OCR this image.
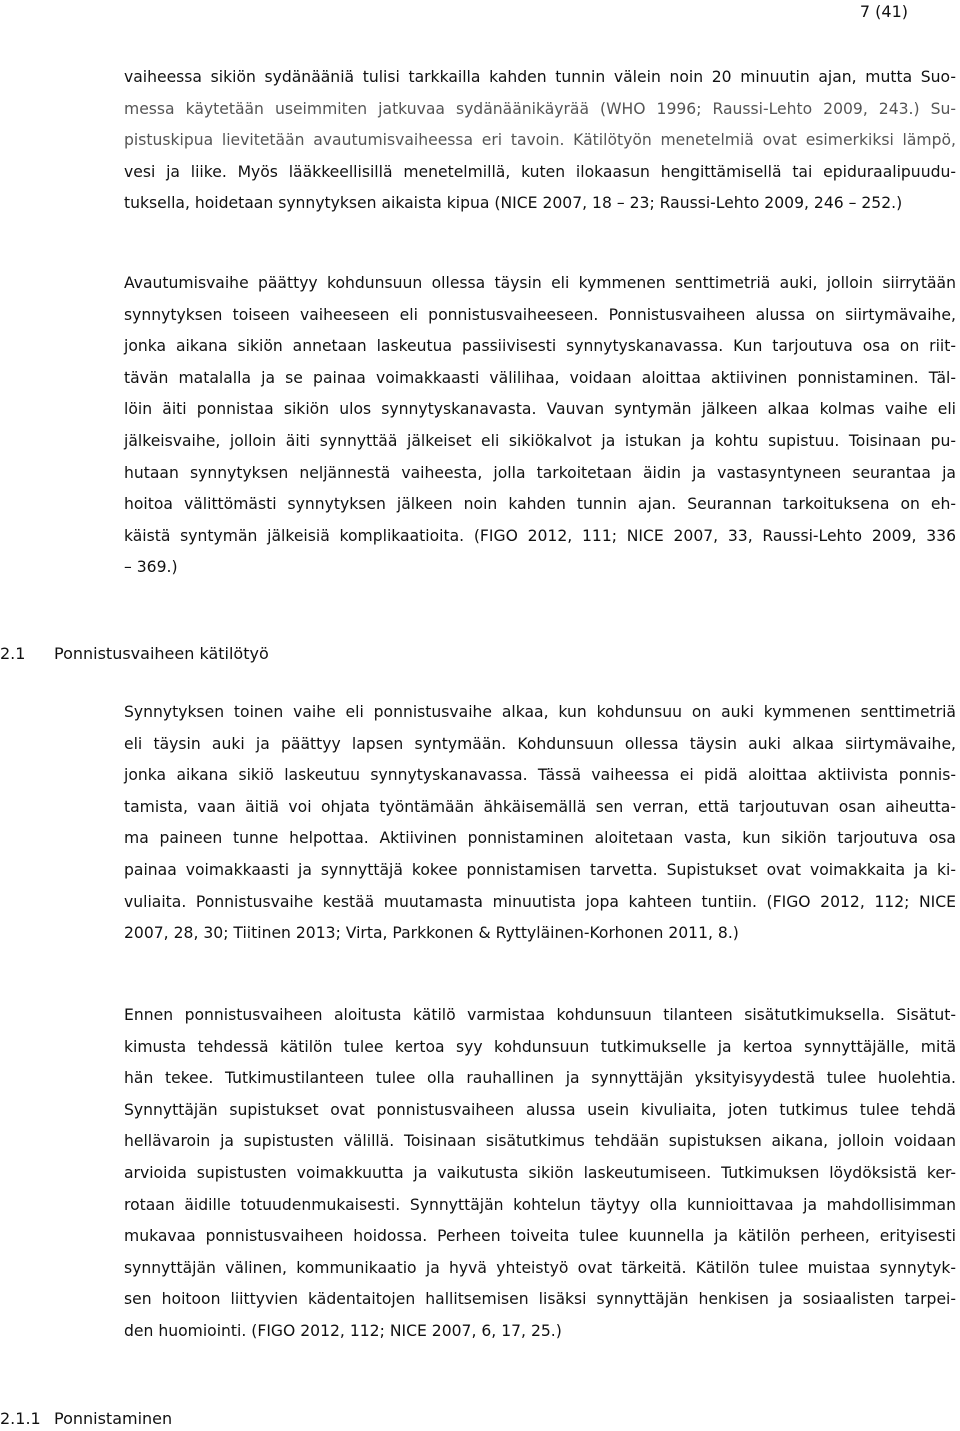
7 (41)
vaiheessa sikiön sydänääniä tulisi tarkkailla kahden tunnin välein noin 20 minuutin ajan, mutta Suo-
messa käytetään useimmiten jatkuvaa sydänäänikäyrää (WHO 1996; Raussi-Lehto 2009, 243.) Su-
pistuskipua lievitetään avautumisvaiheessa eri tavoin. Kätilötyön menetelmiä ovat esimerkiksi lämpö,
vesi ja liike. Myös lääkkeellisillä menetelmillä, kuten ilokaasun hengittämisellä tai epiduraalipuudu-
tuksella, hoidetaan synnytyksen aikaista kipua (NICE 2007, 18 – 23; Raussi-Lehto 2009, 246 – 252.)
Avautumisvaihe päättyy kohdunsuun ollessa täysin eli kymmenen senttimetriä auki, jolloin siirrytään
synnytyksen toiseen vaiheeseen eli ponnistusvaiheeseen. Ponnistusvaiheen alussa on siirtymävaihe,
jonka aikana sikiön annetaan laskeutua passiivisesti synnytyskanavassa. Kun tarjoutuva osa on riit-
tävän matalalla ja se painaa voimakkaasti välilihaa, voidaan aloittaa aktiivinen ponnistaminen. Täl-
löin äiti ponnistaa sikiön ulos synnytyskanavasta. Vauvan syntymän jälkeen alkaa kolmas vaihe eli
jälkeisvaihe, jolloin äiti synnyttää jälkeiset eli sikiökalvot ja istukan ja kohtu supistuu. Toisinaan pu-
hutaan synnytyksen neljännestä vaiheesta, jolla tarkoitetaan äidin ja vastasyntyneen seurantaa ja
hoitoa välittömästi synnytyksen jälkeen noin kahden tunnin ajan. Seurannan tarkoituksena on eh-
käistä syntymän jälkeisiä komplikaatioita. (FIGO 2012, 111; NICE 2007, 33, Raussi-Lehto 2009, 336
– 369.)
2.1 Ponnistusvaiheen kätilötyö
Synnytyksen toinen vaihe eli ponnistusvaihe alkaa, kun kohdunsuu on auki kymmenen senttimetriä
eli täysin auki ja päättyy lapsen syntymään. Kohdunsuun ollessa täysin auki alkaa siirtymävaihe,
jonka aikana sikiö laskeutuu synnytyskanavassa. Tässä vaiheessa ei pidä aloittaa aktiivista ponnis-
tamista, vaan äitiä voi ohjata työntämään ähkäisemällä sen verran, että tarjoutuvan osan aiheutta-
ma paineen tunne helpottaa. Aktiivinen ponnistaminen aloitetaan vasta, kun sikiön tarjoutuva osa
painaa voimakkaasti ja synnyttäjä kokee ponnistamisen tarvetta. Supistukset ovat voimakkaita ja ki-
vuliaita. Ponnistusvaihe kestää muutamasta minuutista jopa kahteen tuntiin. (FIGO 2012, 112; NICE
2007, 28, 30; Tiitinen 2013; Virta, Parkkonen & Ryttyläinen-Korhonen 2011, 8.)
Ennen ponnistusvaiheen aloitusta kätilö varmistaa kohdunsuun tilanteen sisätutkimuksella. Sisätut-
kimusta tehdessä kätilön tulee kertoa syy kohdunsuun tutkimukselle ja kertoa synnyttäjälle, mitä
hän tekee. Tutkimustilanteen tulee olla rauhallinen ja synnyttäjän yksityisyydestä tulee huolehtia.
Synnyttäjän supistukset ovat ponnistusvaiheen alussa usein kivuliaita, joten tutkimus tulee tehdä
hellävaroin ja supistusten välillä. Toisinaan sisätutkimus tehdään supistuksen aikana, jolloin voidaan
arvioida supistusten voimakkuutta ja vaikutusta sikiön laskeutumiseen. Tutkimuksen löydöksistä ker-
rotaan äidille totuudenmukaisesti. Synnyttäjän kohtelun täytyy olla kunnioittavaa ja mahdollisimman
mukavaa ponnistusvaiheen hoidossa. Perheen toiveita tulee kuunnella ja kätilön perheen, erityisesti
synnyttäjän välinen, kommunikaatio ja hyvä yhteistyö ovat tärkeitä. Kätilön tulee muistaa synnytyk-
sen hoitoon liittyvien kädentaitojen hallitsemisen lisäksi synnyttäjän henkisen ja sosiaalisten tarpei-
den huomiointi. (FIGO 2012, 112; NICE 2007, 6, 17, 25.)
2.1.1 Ponnistaminen
